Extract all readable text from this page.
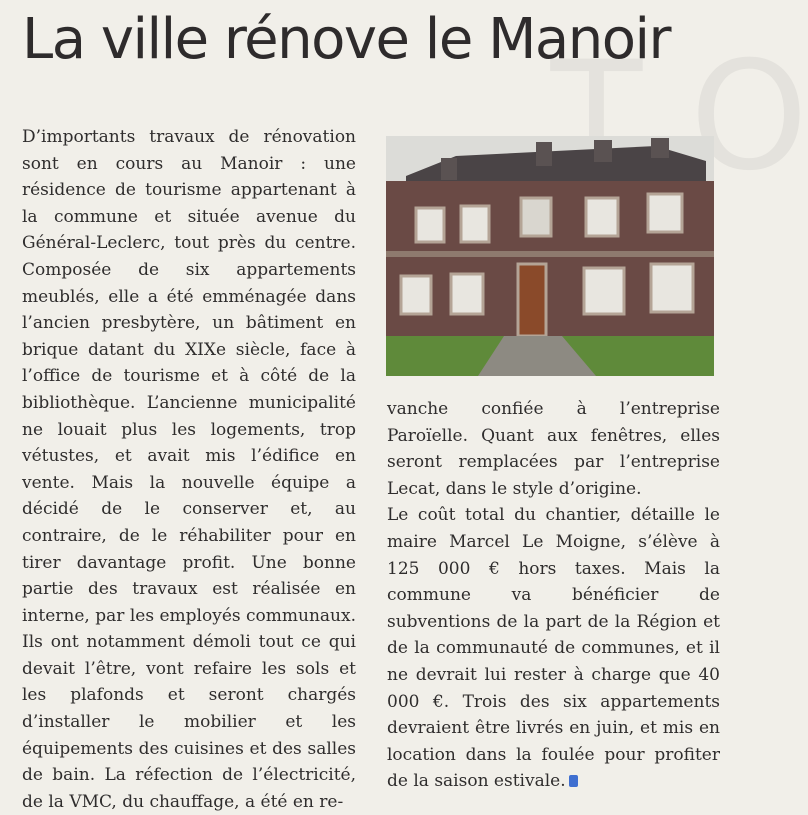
T O
La ville rénove le Manoir

D’importants travaux de rénovation sont en cours au Manoir : une résidence de tourisme appartenant à la commune et située avenue du Général-Leclerc, tout près du centre. Composée de six appartements meublés, elle a été emménagée dans l’ancien presbytère, un bâtiment en brique datant du XIXe siècle, face à l’office de tourisme et à côté de la bibliothèque. L’ancienne municipalité ne louait plus les logements, trop vétustes, et avait mis l’édifice en vente. Mais la nouvelle équipe a décidé de le conserver et, au contraire, de le réhabiliter pour en tirer davantage profit. Une bonne partie des travaux est réalisée en interne, par les employés communaux. Ils ont notamment démoli tout ce qui devait l’être, vont refaire les sols et les plafonds et seront chargés d’installer le mobilier et les équipements des cuisines et des salles de bain. La réfection de l’électricité, de la VMC, du chauffage, a été en re-

vanche confiée à l’entreprise Paroïelle. Quant aux fenêtres, elles seront remplacées par l’entreprise Lecat, dans le style d’origine.

Le coût total du chantier, détaille le maire Marcel Le Moigne, s’élève à 125 000 € hors taxes. Mais la commune va bénéficier de subventions de la part de la Région et de la communauté de communes, et il ne devrait lui rester à charge que 40 000 €. Trois des six appartements devraient être livrés en juin, et mis en location dans la foulée pour profiter de la saison estivale.
